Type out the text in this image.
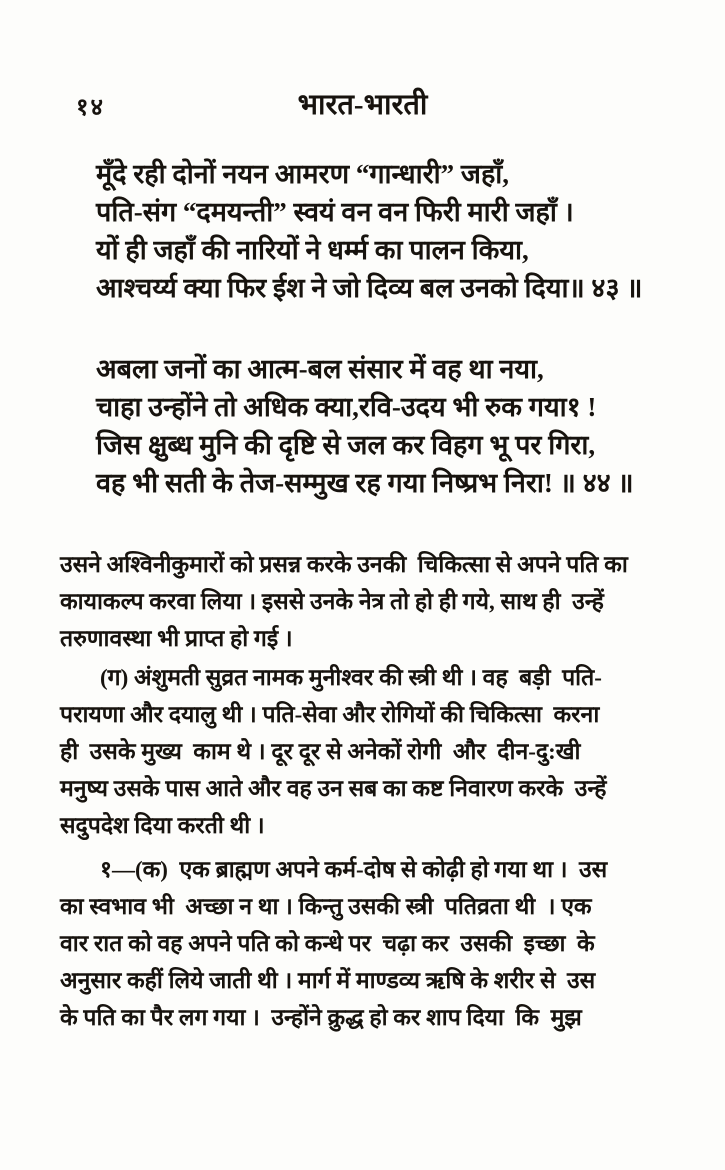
१४	भारत-भारती
मूँदे रही दोनों नयन आमरण “गान्धारी” जहाँ,
पति-संग “दमयन्ती” स्वयं वन वन फिरी मारी जहाँ ।
यों ही जहाँ की नारियों ने धर्म्म का पालन किया,
आश्चर्य्य क्या फिर ईश ने जो दिव्य बल उनको दिया॥ ४३ ॥
अबला जनों का आत्म-बल संसार में वह था नया,
चाहा उन्होंने तो अधिक क्या,रवि-उदय भी रुक गया१ !
जिस क्षुब्ध मुनि की दृष्टि से जल कर विहग भू पर गिरा,
वह भी सती के तेज-सम्मुख रह गया निष्प्रभ निरा! ॥ ४४ ॥
उसने अश्विनीकुमारों को प्रसन्न करके उनकी  चिकित्सा से अपने पति का
कायाकल्प करवा लिया । इससे उनके नेत्र तो हो ही गये, साथ ही  उन्हें
तरुणावस्था भी प्राप्त हो गई ।
(ग) अंशुमती सुव्रत नामक मुनीश्वर की स्त्री थी । वह  बड़ी  पति-
परायणा और दयालु थी । पति-सेवा और रोगियों की चिकित्सा  करना
ही  उसके मुख्य  काम थे । दूर दूर से अनेकों रोगी  और  दीन-दु:खी
मनुष्य उसके पास आते और वह उन सब का कष्ट निवारण करके  उन्हें
सदुपदेश दिया करती थी ।
१—(क)  एक ब्राह्मण अपने कर्म-दोष से कोढ़ी हो गया था ।  उस
का स्वभाव भी  अच्छा न था । किन्तु उसकी स्त्री  पतिव्रता थी  । एक
वार रात को वह अपने पति को कन्धे पर  चढ़ा कर  उसकी  इच्छा  के
अनुसार कहीं लिये जाती थी । मार्ग में माण्डव्य ऋषि के शरीर से  उस
के पति का पैर लग गया ।  उन्होंने क्रुद्ध हो कर शाप दिया  कि  मुझ
